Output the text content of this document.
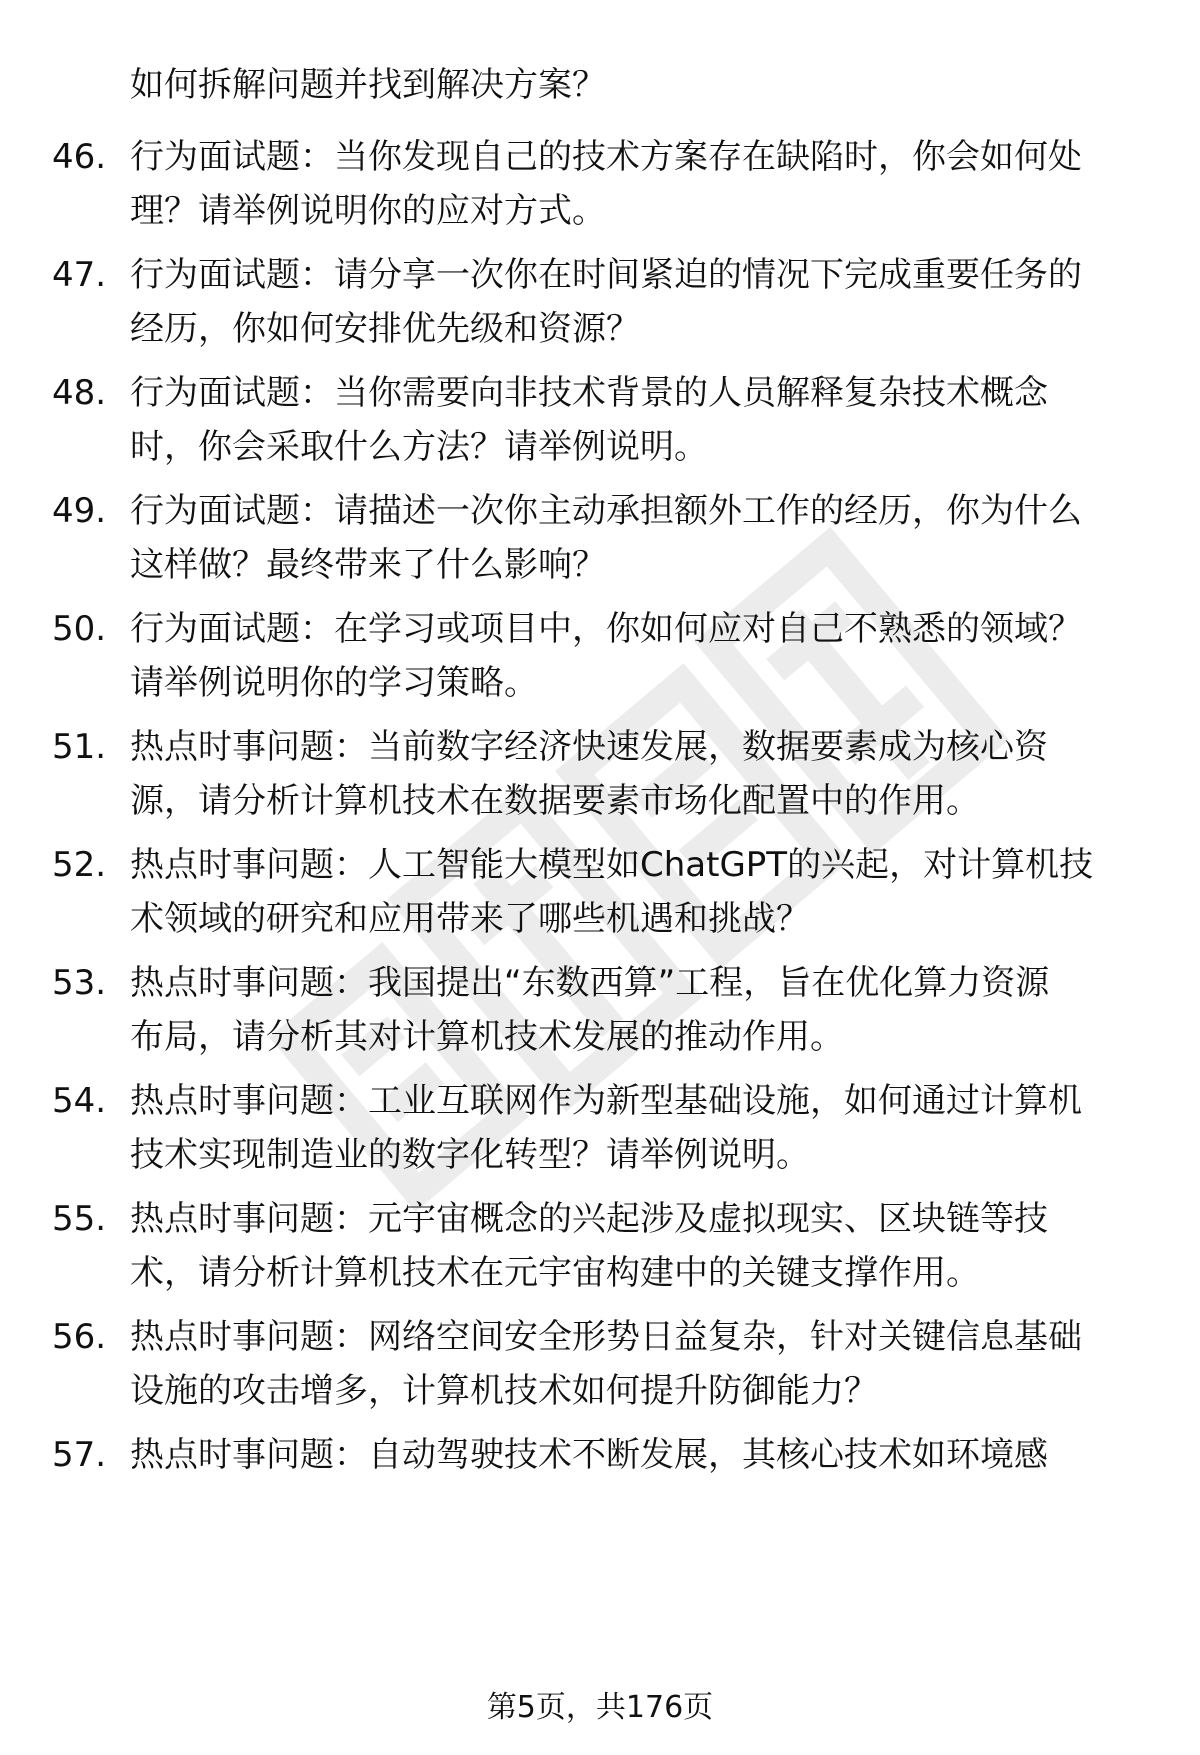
如何拆解问题并找到解决方案？
46. 行为面试题：当你发现自己的技术方案存在缺陷时，你会如何处
理？请举例说明你的应对方式。
47. 行为面试题：请分享一次你在时间紧迫的情况下完成重要任务的
经历，你如何安排优先级和资源？
48. 行为面试题：当你需要向非技术背景的人员解释复杂技术概念
时，你会采取什么方法？请举例说明。
49. 行为面试题：请描述一次你主动承担额外工作的经历，你为什么
这样做？最终带来了什么影响？
50. 行为面试题：在学习或项目中，你如何应对自己不熟悉的领域？
请举例说明你的学习策略。
51. 热点时事问题：当前数字经济快速发展，数据要素成为核心资
源，请分析计算机技术在数据要素市场化配置中的作用。
52. 热点时事问题：人工智能大模型如ChatGPT的兴起，对计算机技
术领域的研究和应用带来了哪些机遇和挑战？
53. 热点时事问题：我国提出“东数西算”工程，旨在优化算力资源
布局，请分析其对计算机技术发展的推动作用。
54. 热点时事问题：工业互联网作为新型基础设施，如何通过计算机
技术实现制造业的数字化转型？请举例说明。
55. 热点时事问题：元宇宙概念的兴起涉及虚拟现实、区块链等技
术，请分析计算机技术在元宇宙构建中的关键支撑作用。
56. 热点时事问题：网络空间安全形势日益复杂，针对关键信息基础
设施的攻击增多，计算机技术如何提升防御能力？
57. 热点时事问题：自动驾驶技术不断发展，其核心技术如环境感
第5页，共176页
